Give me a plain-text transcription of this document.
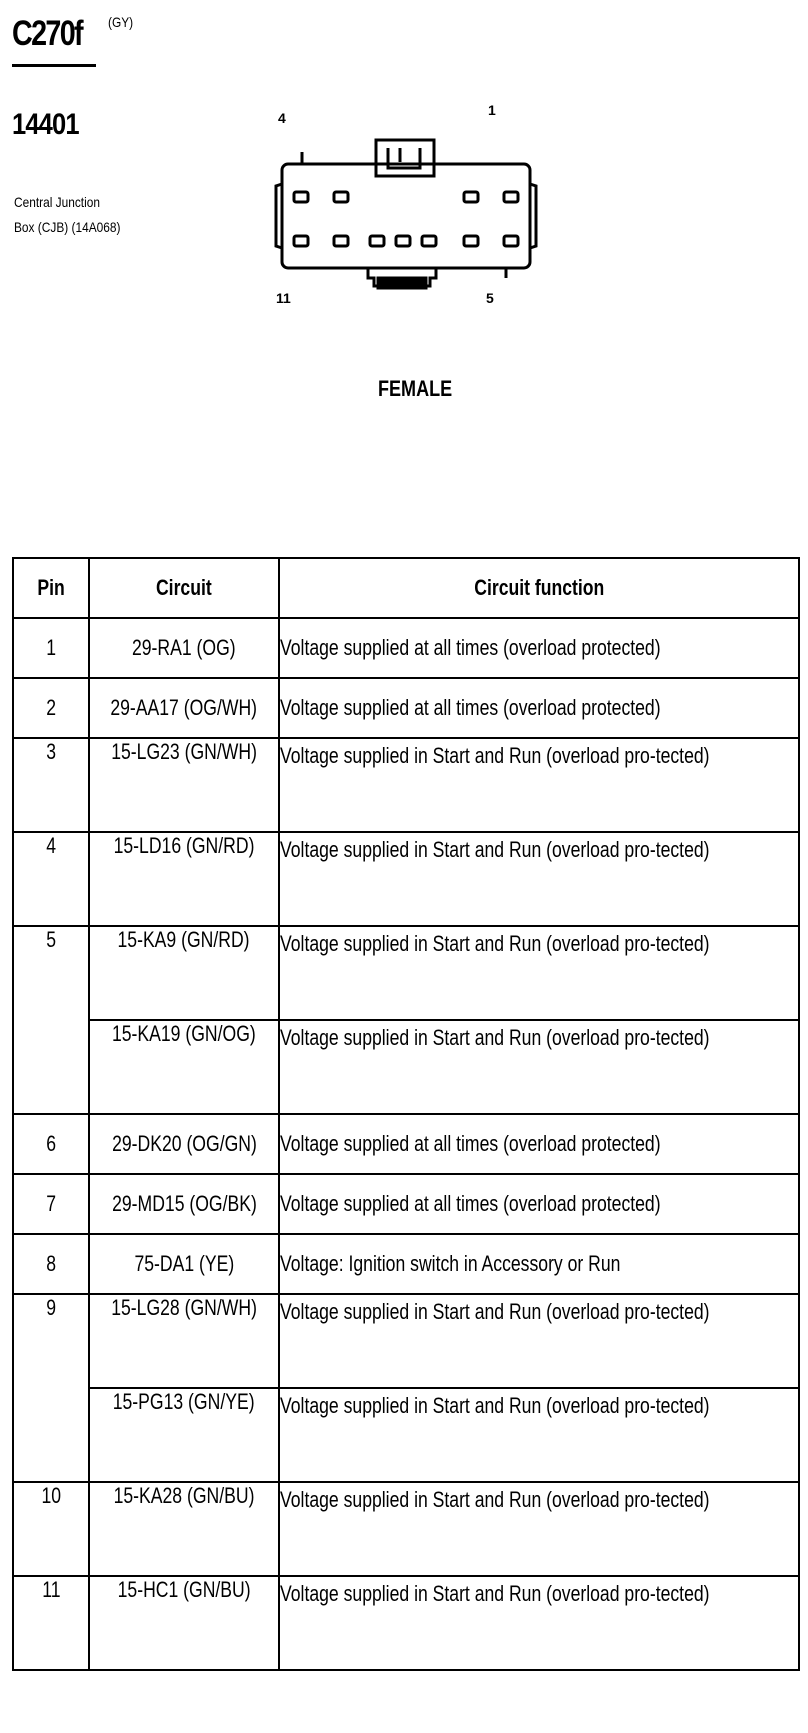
C270f	(GY)
14401
Central Junction
Box (CJB) (14A068)
4	1
11	5
FEMALE
Pin	Circuit	Circuit function
1	29-RA1 (OG)	Voltage supplied at all times (overload protected)

2	29-AA17 (OG/WH)	Voltage supplied at all times (overload protected)

3	15-LG23 (GN/WH)	Voltage supplied in Start and Run (overload pro-tected)

4	15-LD16 (GN/RD)	Voltage supplied in Start and Run (overload pro-tected)

5	15-KA9 (GN/RD)	Voltage supplied in Start and Run (overload pro-tected)

	15-KA19 (GN/OG)	Voltage supplied in Start and Run (overload pro-tected)

6	29-DK20 (OG/GN)	Voltage supplied at all times (overload protected)

7	29-MD15 (OG/BK)	Voltage supplied at all times (overload protected)

8	75-DA1 (YE)	Voltage: Ignition switch in Accessory or Run

9	15-LG28 (GN/WH)	Voltage supplied in Start and Run (overload pro-tected)

	15-PG13 (GN/YE)	Voltage supplied in Start and Run (overload pro-tected)

10	15-KA28 (GN/BU)	Voltage supplied in Start and Run (overload pro-tected)

11	15-HC1 (GN/BU)	Voltage supplied in Start and Run (overload pro-tected)
